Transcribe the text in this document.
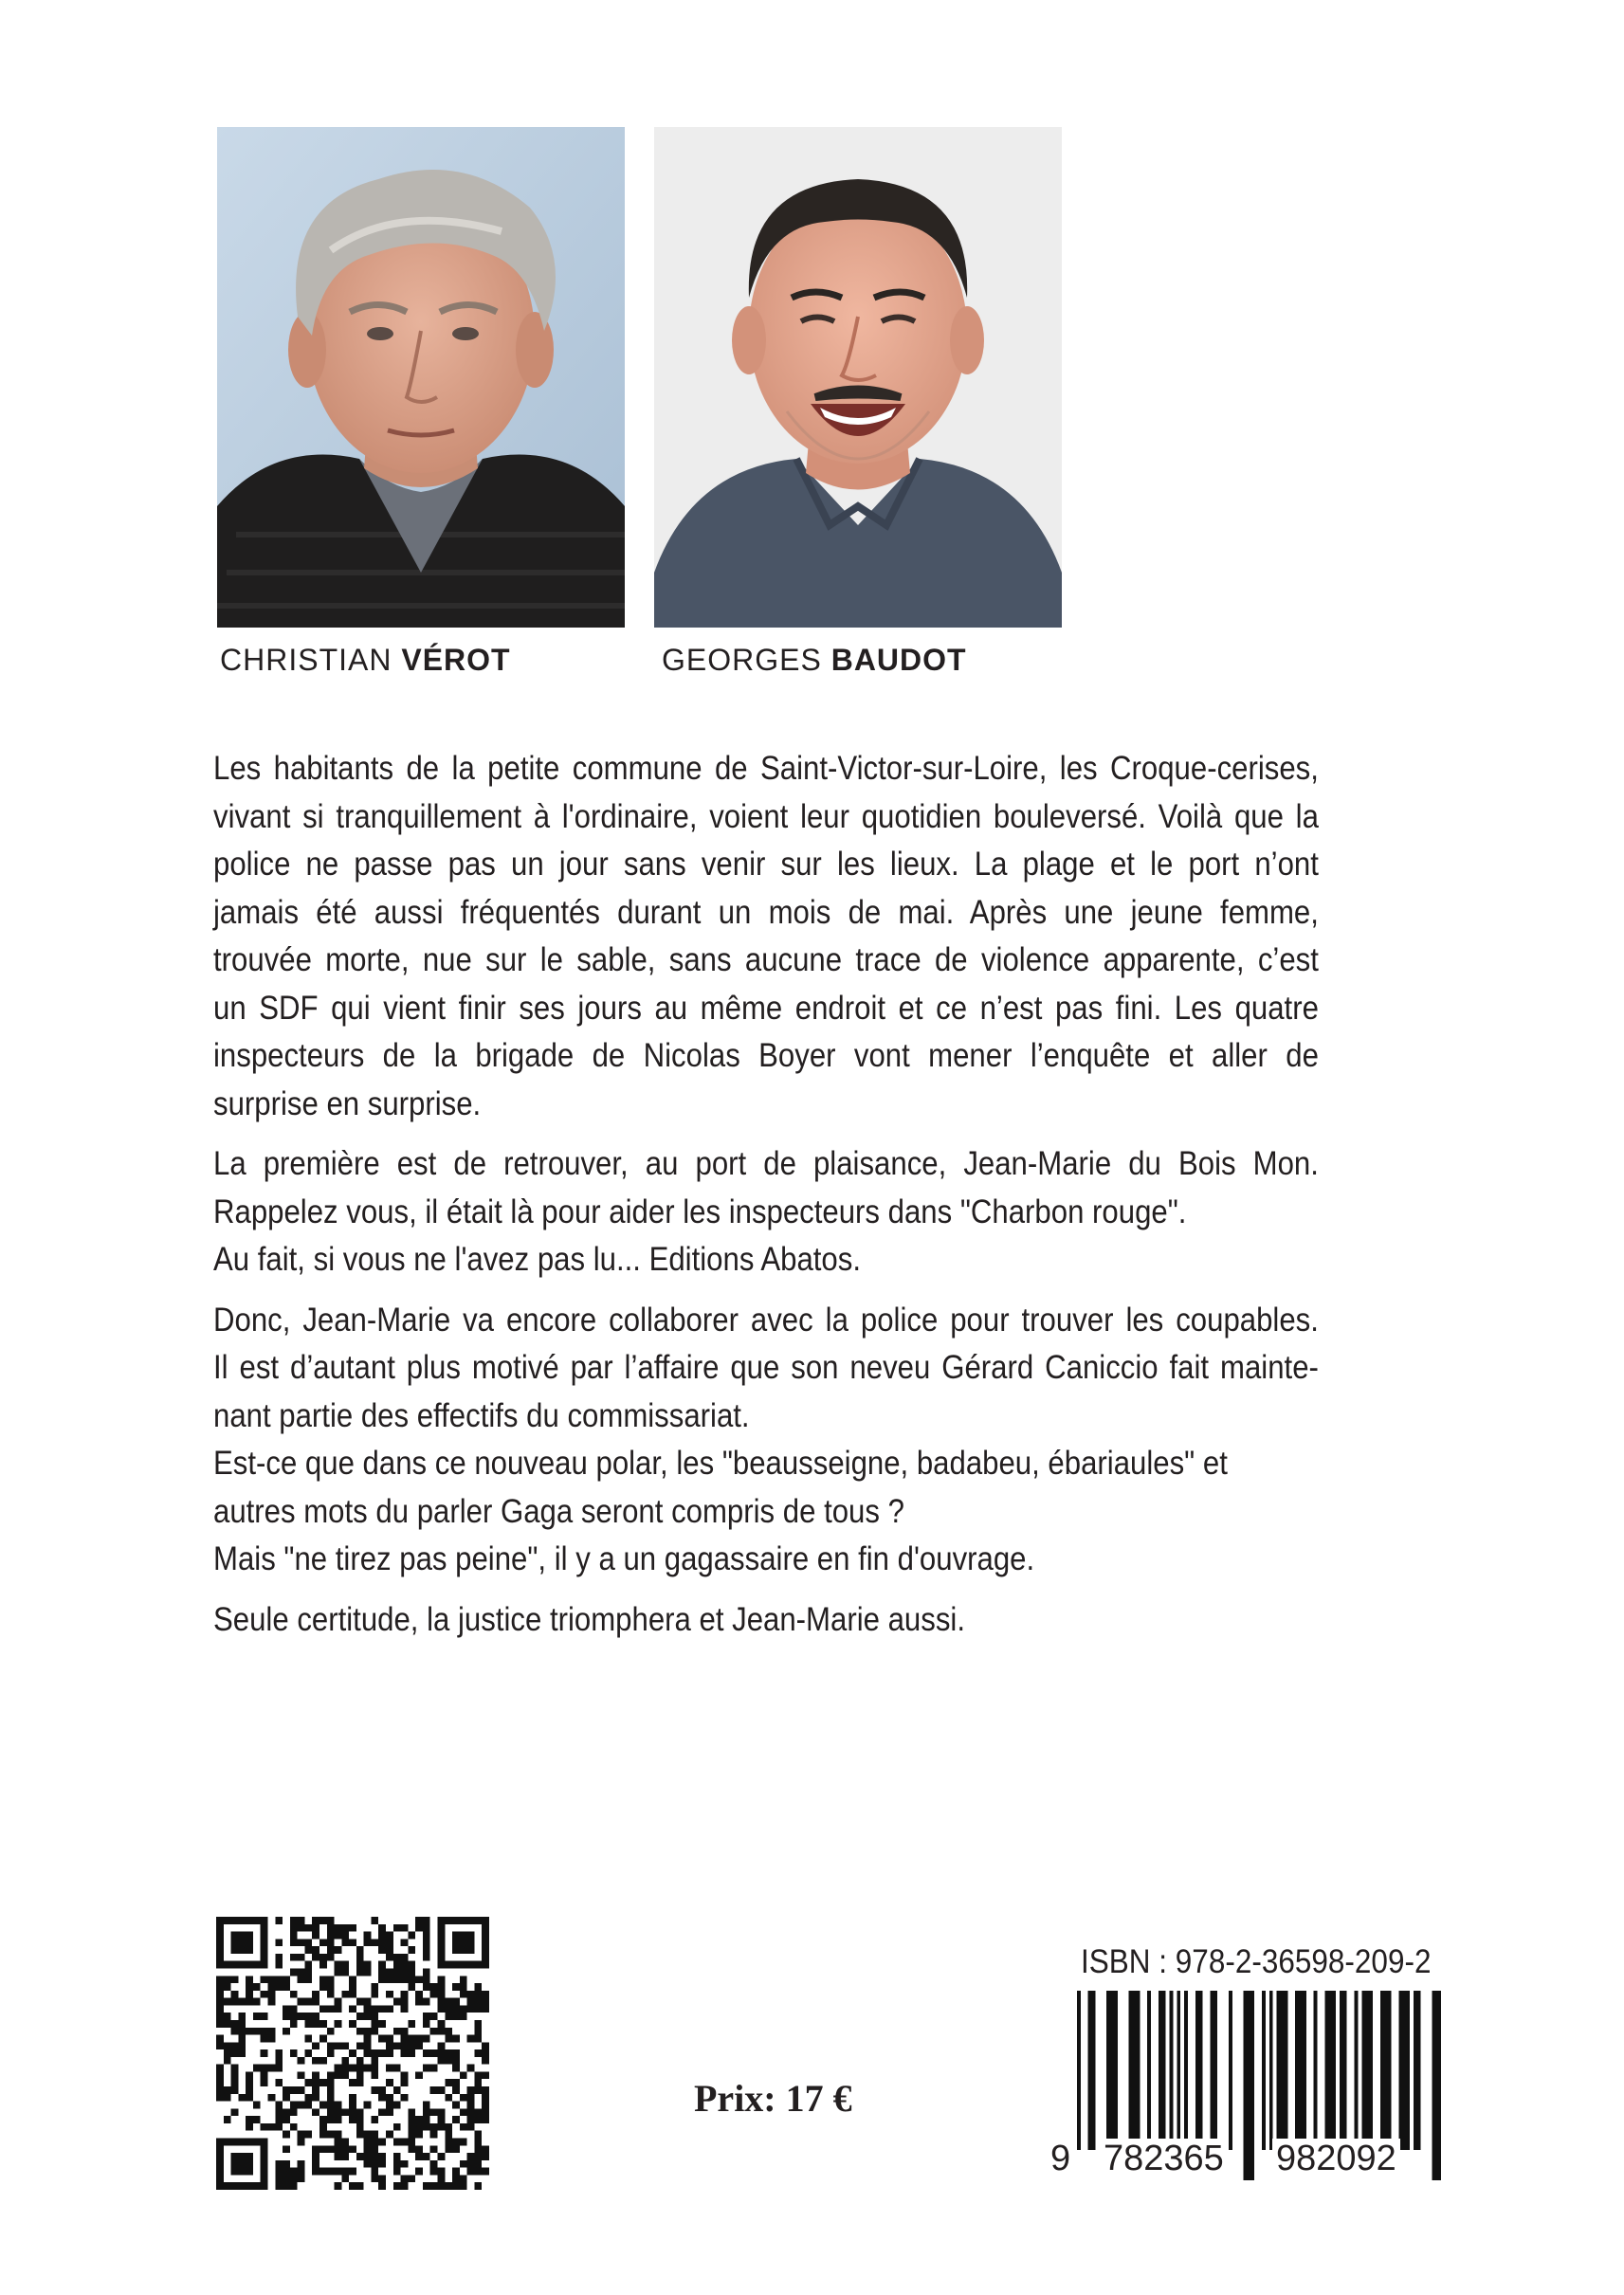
CHRISTIAN VÉROT	GEORGES BAUDOT
Les habitants de la petite commune de Saint-Victor-sur-Loire, les Croque-cerises,
vivant si tranquillement à l'ordinaire, voient leur quotidien bouleversé. Voilà que la
police ne passe pas un jour sans venir sur les lieux. La plage et le port n’ont
jamais été aussi fréquentés durant un mois de mai. Après une jeune femme,
trouvée morte, nue sur le sable, sans aucune trace de violence apparente, c’est
un SDF qui vient finir ses jours au même endroit et ce n’est pas fini. Les quatre
inspecteurs de la brigade de Nicolas Boyer vont mener l’enquête et aller de
surprise en surprise.
La première est de retrouver, au port de plaisance, Jean-Marie du Bois Mon.
Rappelez vous, il était là pour aider les inspecteurs dans "Charbon rouge".
Au fait, si vous ne l'avez pas lu... Editions Abatos.
Donc, Jean-Marie va encore collaborer avec la police pour trouver les coupables.
Il est d’autant plus motivé par l’affaire que son neveu Gérard Caniccio fait mainte-
nant partie des effectifs du commissariat.
Est-ce que dans ce nouveau polar, les "beausseigne, badabeu, ébariaules" et
autres mots du parler Gaga seront compris de tous ?
Mais "ne tirez pas peine", il y a un gagassaire en fin d'ouvrage.
Seule certitude, la justice triomphera et Jean-Marie aussi.
Prix: 17 €
ISBN : 978-2-36598-209-2
9 782365 982092
